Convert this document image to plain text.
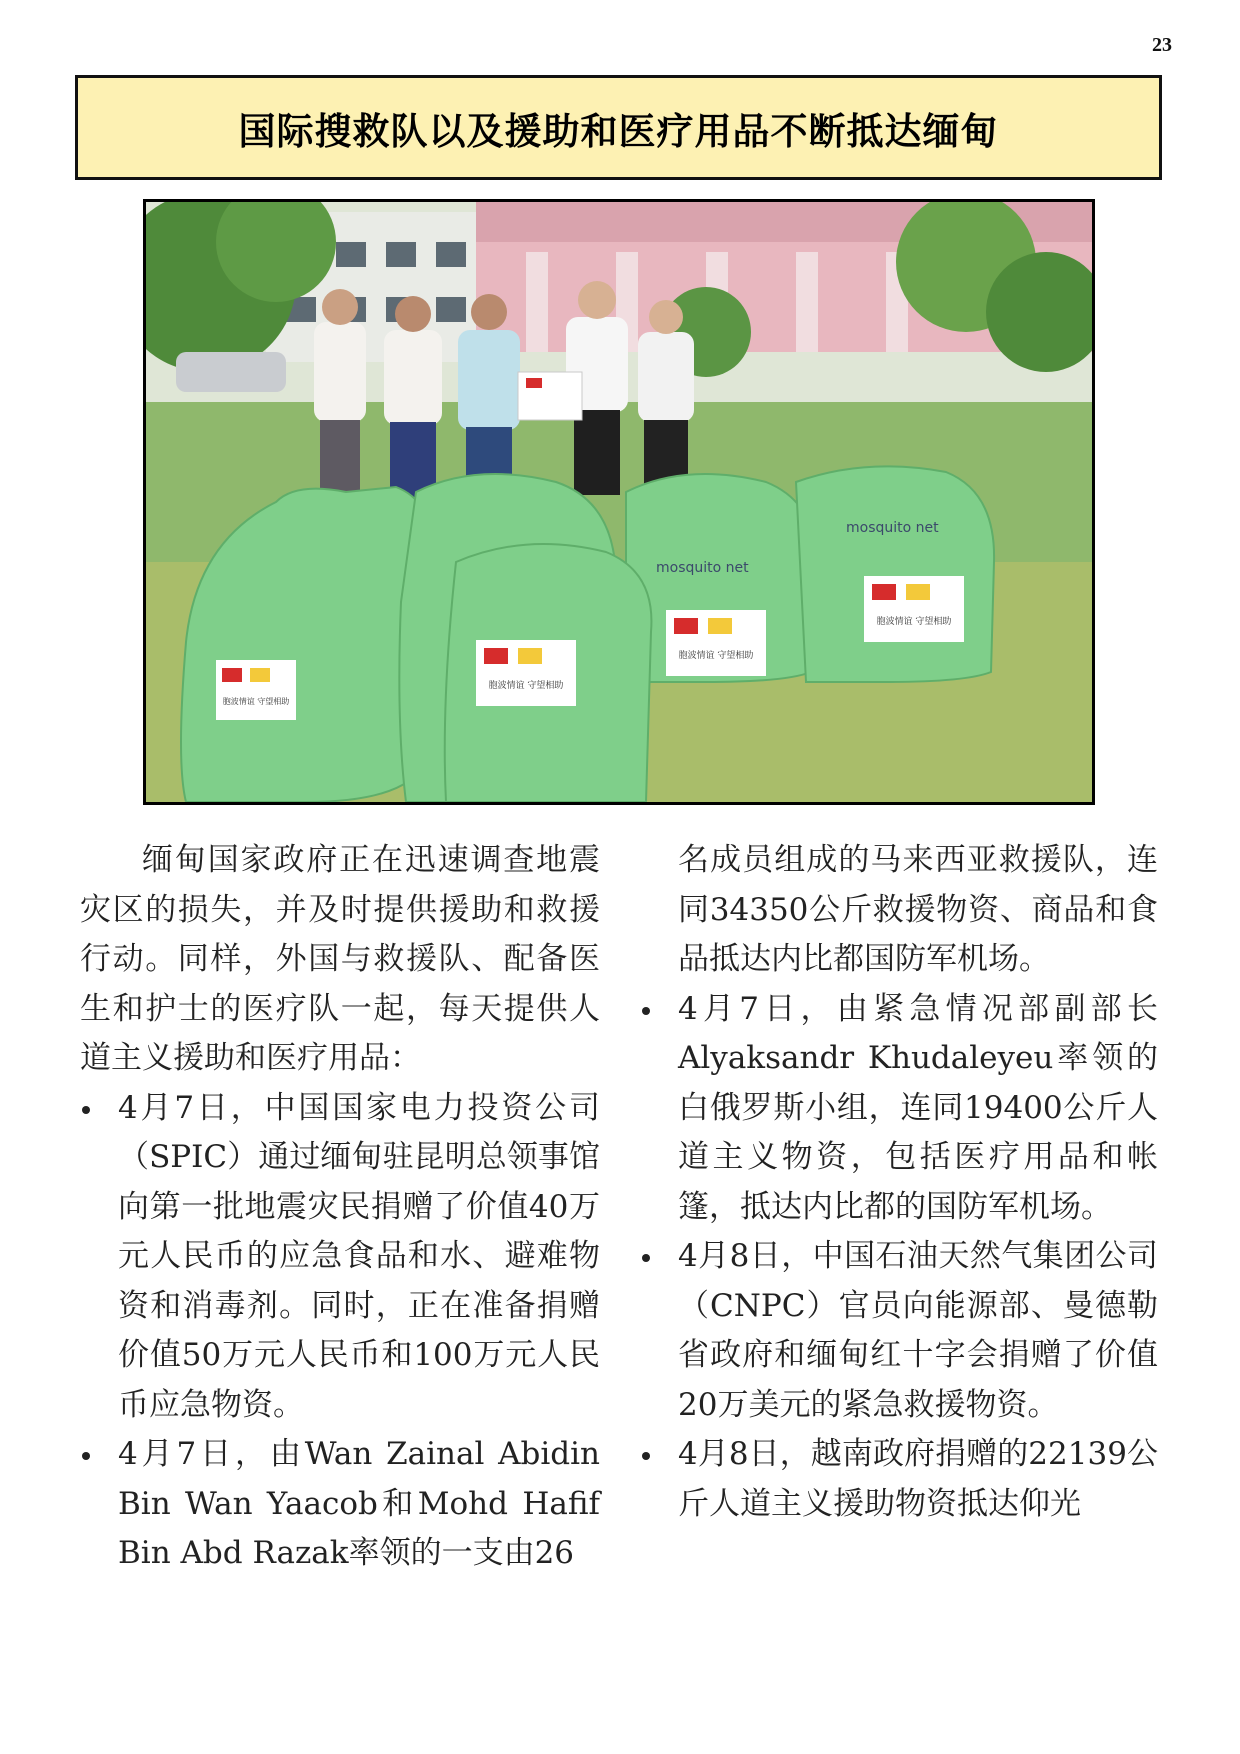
23
国际搜救队以及援助和医疗用品不断抵达缅甸
胞波情谊 守望相助
胞波情谊 守望相助
胞波情谊 守望相助
胞波情谊 守望相助
mosquito net
mosquito net

缅甸国家政府正在迅速调查地震灾区的损失，并及时提供援助和救援行动。同样，外国与救援队、配备医生和护士的医疗队一起，每天提供人道主义援助和医疗用品：

4月7日，中国国家电力投资公司（SPIC）通过缅甸驻昆明总领事馆向第一批地震灾民捐赠了价值40万元人民币的应急食品和水、避难物资和消毒剂。同时，正在准备捐赠价值50万元人民币和100万元人民币应急物资。
4月7日，由Wan Zainal Abidin Bin Wan Yaacob和Mohd Hafif Bin Abd Razak率领的一支由26
名成员组成的马来西亚救援队，连同34350公斤救援物资、商品和食品抵达内比都国防军机场。
4月7日，由紧急情况部副部长Alyaksandr Khudaleyeu率领的白俄罗斯小组，连同19400公斤人道主义物资，包括医疗用品和帐篷，抵达内比都的国防军机场。
4月8日，中国石油天然气集团公司（CNPC）官员向能源部、曼德勒省政府和缅甸红十字会捐赠了价值20万美元的紧急救援物资。
4月8日，越南政府捐赠的22139公斤人道主义援助物资抵达仰光
